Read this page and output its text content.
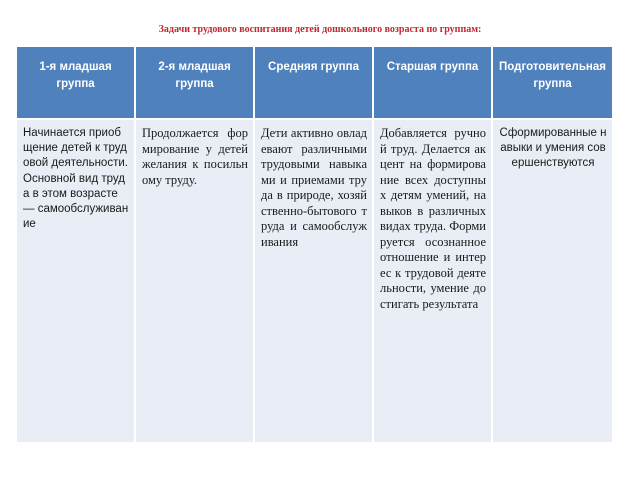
Задачи трудового воспитания детей дошкольного возраста по группам:
1-я младшая группа
2-я младшая группа
Средняя группа	Старшая группа	Подготовительная группа
Начинается приобщение детей к трудовой деятельности. Основной вид труда в этом возрасте — самообслуживание
Продолжается формирование у детей желания к посильному труду.
Дети активно овладевают различными трудовыми навыками и приемами труда в природе, хозяйственно-бытового труда и самообслуживания
Добавляется ручной труд. Делается акцент на формирование всех доступных детям умений, навыков в различных видах труда. Формируется осознанное отношение и интерес к трудовой деятельности, умение достигать результата
Сформированные навыки и умения совершенствуются
